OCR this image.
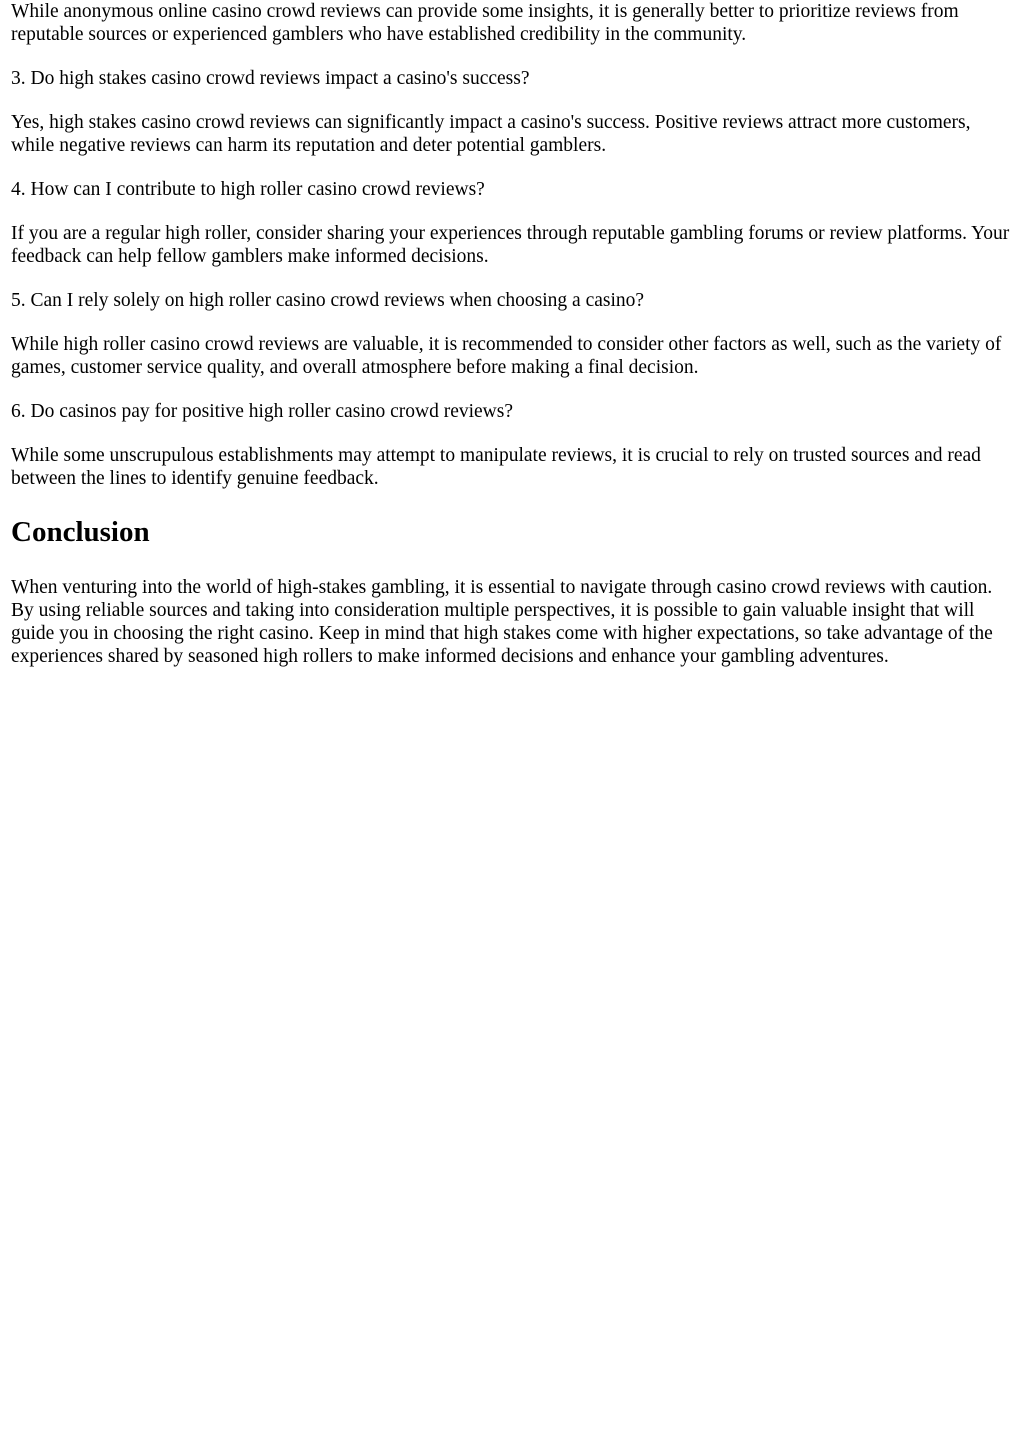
While anonymous online casino crowd reviews can provide some insights, it is generally better to prioritize reviews from reputable sources or experienced gamblers who have established credibility in the community.

3. Do high stakes casino crowd reviews impact a casino's success?

Yes, high stakes casino crowd reviews can significantly impact a casino's success. Positive reviews attract more customers, while negative reviews can harm its reputation and deter potential gamblers.

4. How can I contribute to high roller casino crowd reviews?

If you are a regular high roller, consider sharing your experiences through reputable gambling forums or review platforms. Your feedback can help fellow gamblers make informed decisions.

5. Can I rely solely on high roller casino crowd reviews when choosing a casino?

While high roller casino crowd reviews are valuable, it is recommended to consider other factors as well, such as the variety of games, customer service quality, and overall atmosphere before making a final decision.

6. Do casinos pay for positive high roller casino crowd reviews?

While some unscrupulous establishments may attempt to manipulate reviews, it is crucial to rely on trusted sources and read between the lines to identify genuine feedback.

Conclusion

When venturing into the world of high-stakes gambling, it is essential to navigate through casino crowd reviews with caution. By using reliable sources and taking into consideration multiple perspectives, it is possible to gain valuable insight that will guide you in choosing the right casino. Keep in mind that high stakes come with higher expectations, so take advantage of the experiences shared by seasoned high rollers to make informed decisions and enhance your gambling adventures.
